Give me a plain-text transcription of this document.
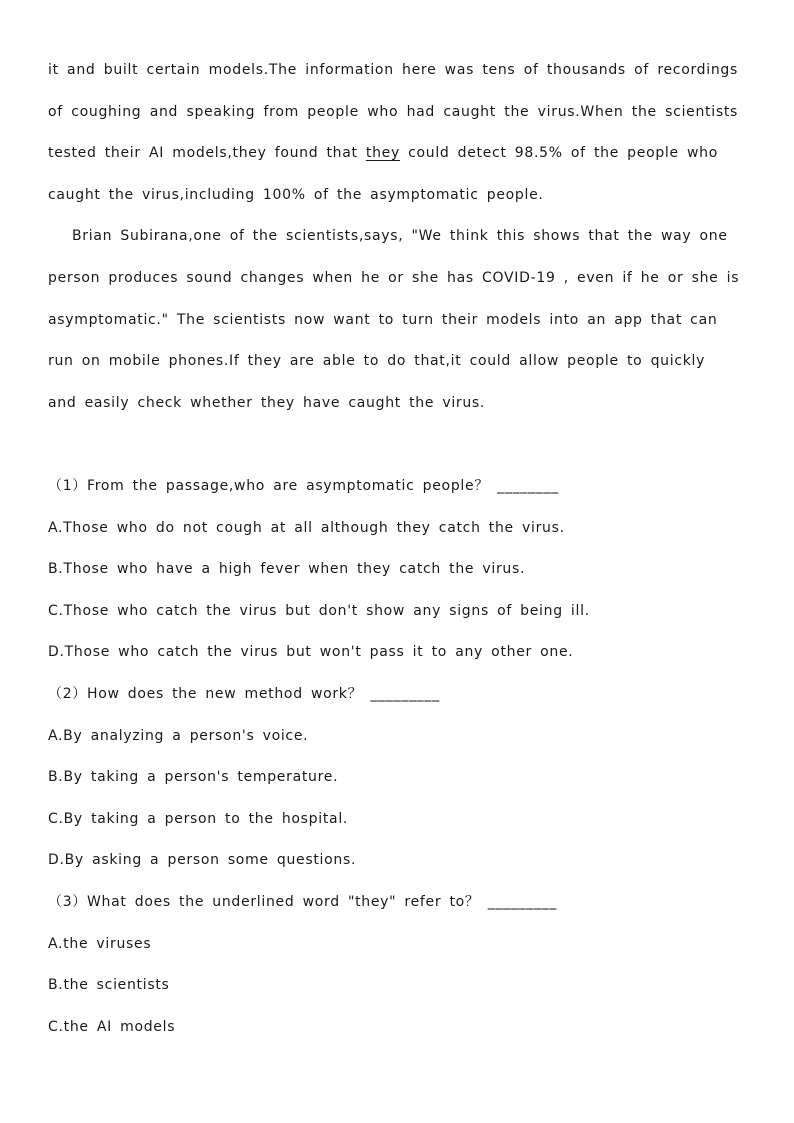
it and built certain models.The information here was tens of thousands of recordings
of coughing and speaking from people who had caught the virus.When the scientists
tested their AI models,they found that they could detect 98.5% of the people who
caught the virus,including 100% of the asymptomatic people.
Brian Subirana,one of the scientists,says, "We think this shows that the way one
person produces sound changes when he or she has COVID-19 , even if he or she is
asymptomatic." The scientists now want to turn their models into an app that can
run on mobile phones.If they are able to do that,it could allow people to quickly
and easily check whether they have caught the virus.
（1）From the passage,who are asymptomatic people？ ________
A.Those who do not cough at all although they catch the virus.
B.Those who have a high fever when they catch the virus.
C.Those who catch the virus but don't show any signs of being ill.
D.Those who catch the virus but won't pass it to any other one.
（2）How does the new method work？ _________
A.By analyzing a person's voice.
B.By taking a person's temperature.
C.By taking a person to the hospital.
D.By asking a person some questions.
（3）What does the underlined word "they" refer to？ _________
A.the viruses
B.the scientists
C.the AI models
